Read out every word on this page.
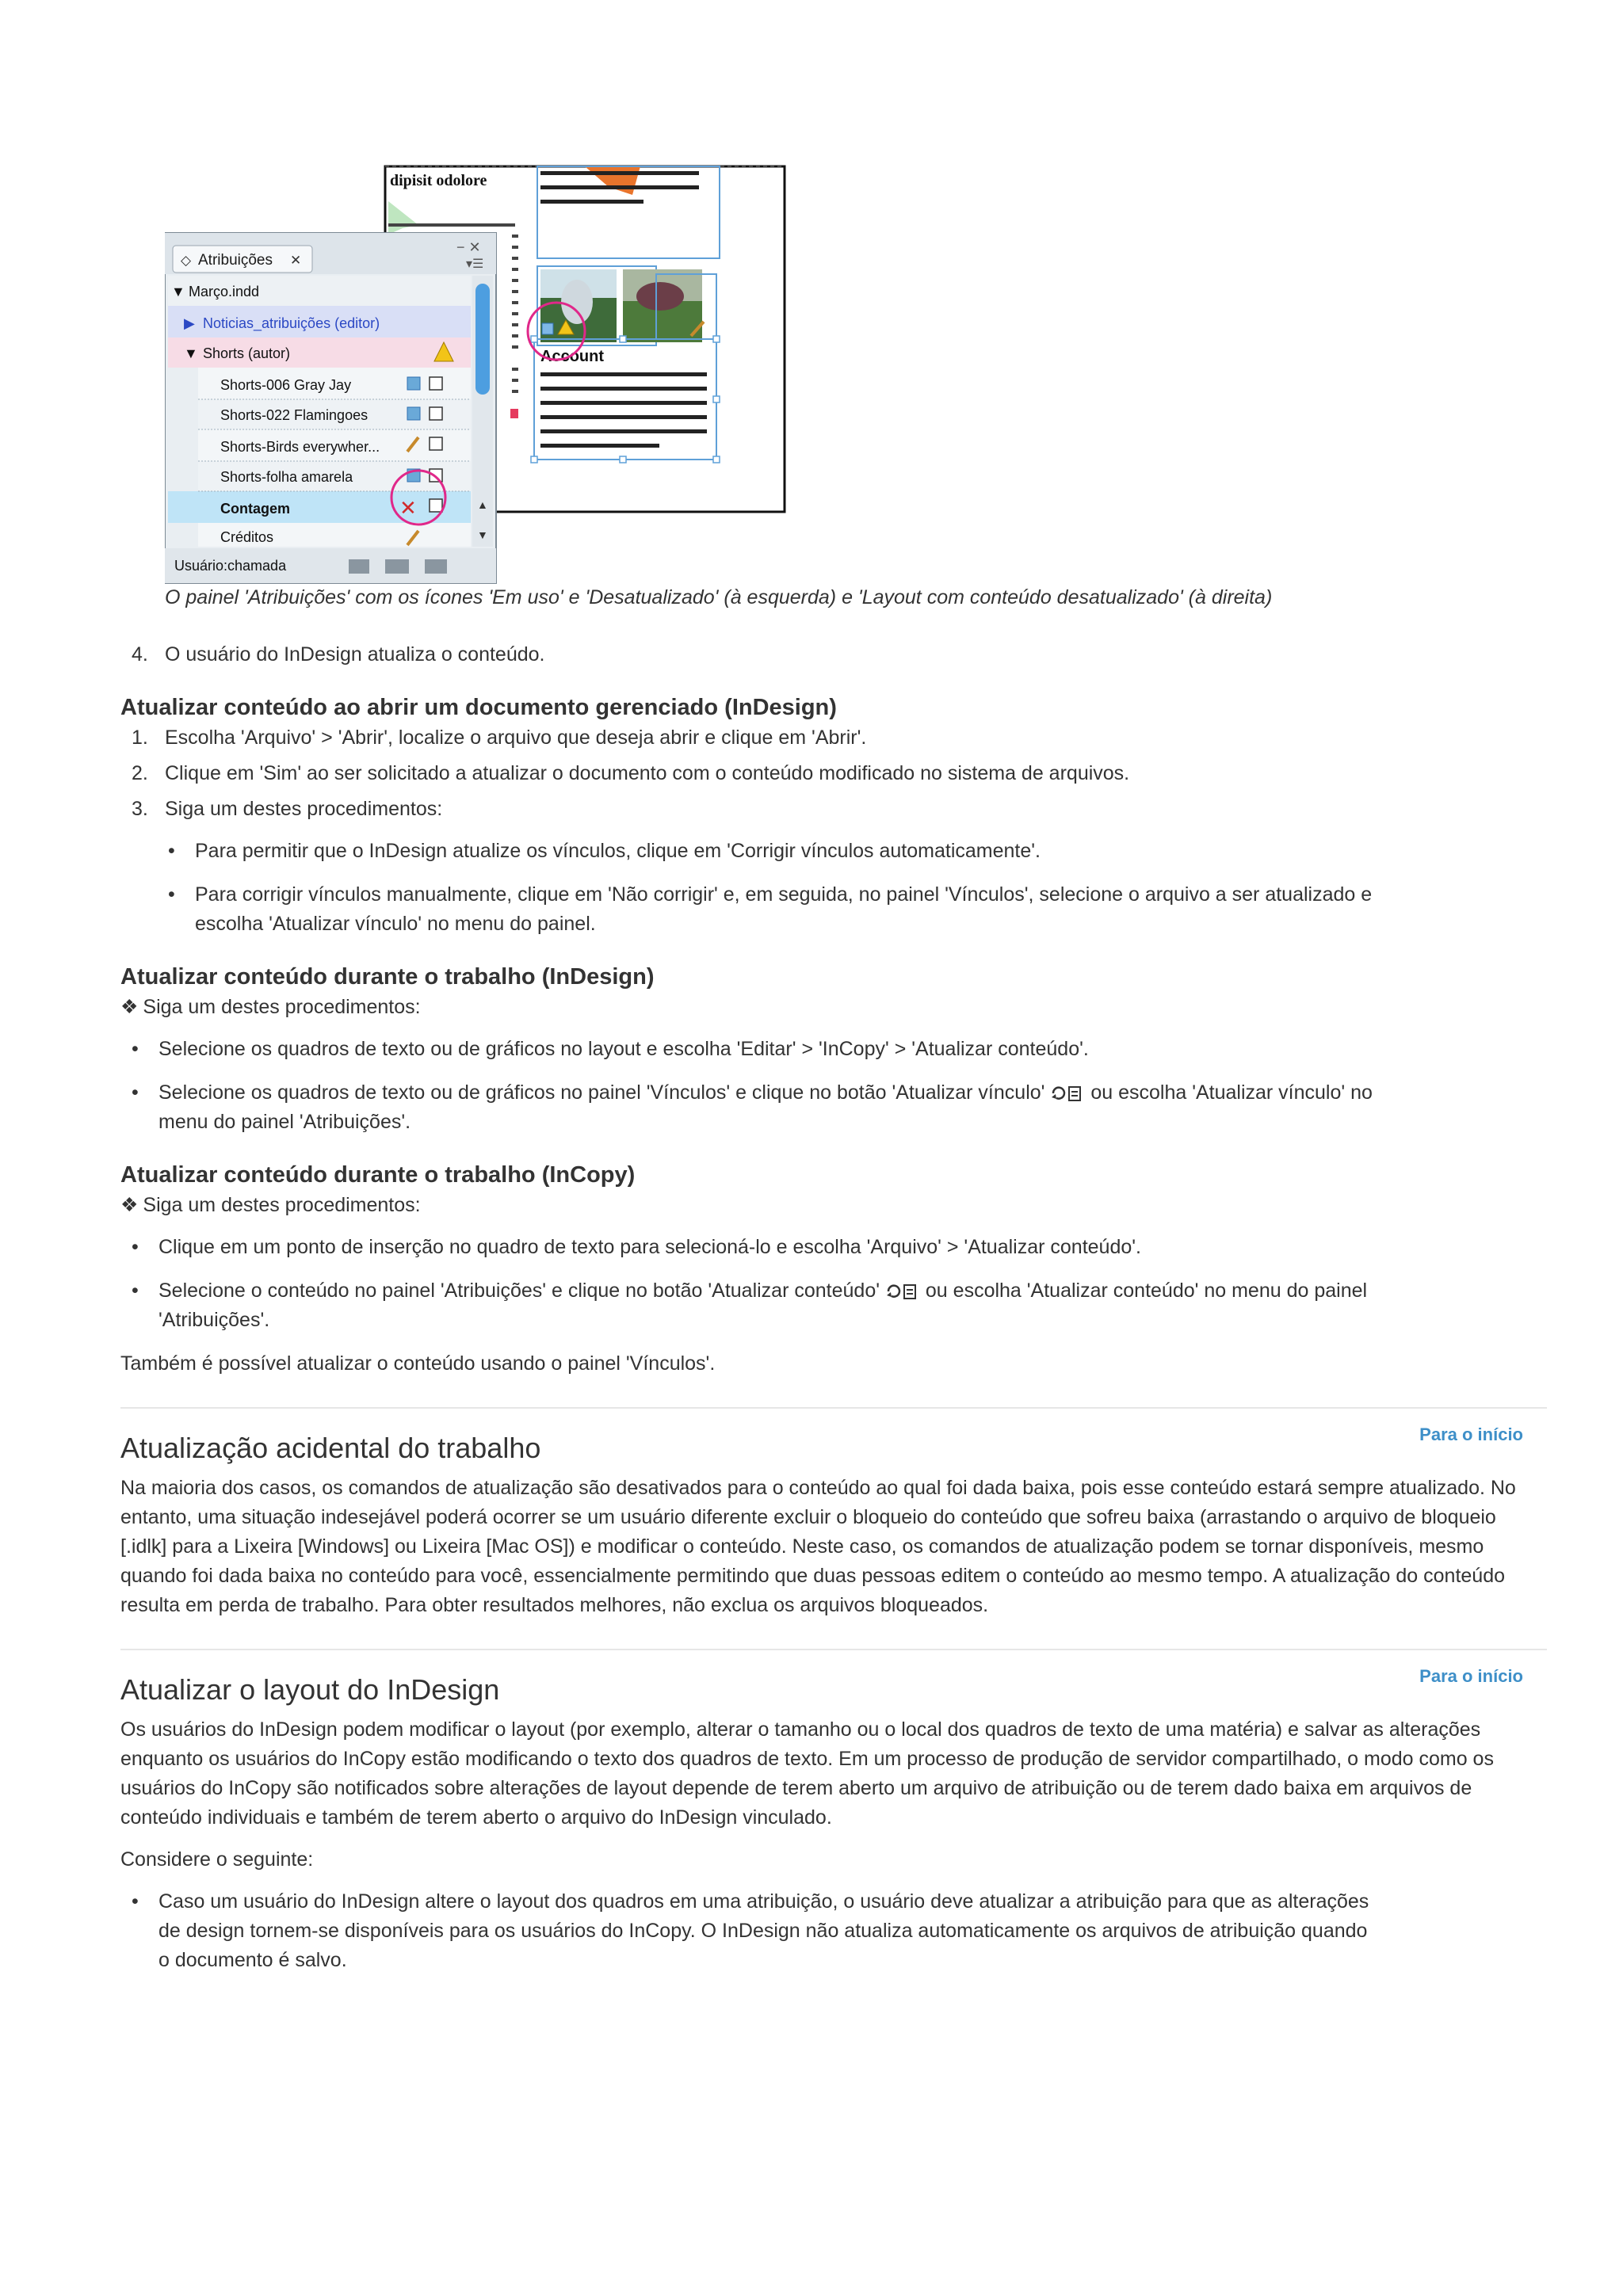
dipisit odolore
Account
◇ Atribuições ✕
− ✕
▾☰
▼ Março.indd
▶ Noticias_atribuições (editor)
▼ Shorts (autor)
Shorts-006 Gray Jay
Shorts-022 Flamingoes
Shorts-Birds everywher...
Shorts-folha amarela
Contagem
Créditos
✕	▲
▼
Usuário:chamada
O painel 'Atribuições' com os ícones 'Em uso' e 'Desatualizado' (à esquerda) e 'Layout com conteúdo desatualizado' (à direita)
4. O usuário do InDesign atualiza o conteúdo.
Atualizar conteúdo ao abrir um documento gerenciado (InDesign)
1. Escolha 'Arquivo' > 'Abrir', localize o arquivo que deseja abrir e clique em 'Abrir'.
2. Clique em 'Sim' ao ser solicitado a atualizar o documento com o conteúdo modificado no sistema de arquivos.
3. Siga um destes procedimentos:
• Para permitir que o InDesign atualize os vínculos, clique em 'Corrigir vínculos automaticamente'.
• Para corrigir vínculos manualmente, clique em 'Não corrigir' e, em seguida, no painel 'Vínculos', selecione o arquivo a ser atualizado e escolha 'Atualizar vínculo' no menu do painel.
Atualizar conteúdo durante o trabalho (InDesign)

❖ Siga um destes procedimentos:

• Selecione os quadros de texto ou de gráficos no layout e escolha 'Editar' > 'InCopy' > 'Atualizar conteúdo'.
• Selecione os quadros de texto ou de gráficos no painel 'Vínculos' e clique no botão 'Atualizar vínculo' ou escolha 'Atualizar vínculo' no menu do painel 'Atribuições'.
Atualizar conteúdo durante o trabalho (InCopy)

❖ Siga um destes procedimentos:

• Clique em um ponto de inserção no quadro de texto para selecioná-lo e escolha 'Arquivo' > 'Atualizar conteúdo'.
• Selecione o conteúdo no painel 'Atribuições' e clique no botão 'Atualizar conteúdo' ou escolha 'Atualizar conteúdo' no menu do painel 'Atribuições'.

Também é possível atualizar o conteúdo usando o painel 'Vínculos'.

Para o início
Atualização acidental do trabalho

Na maioria dos casos, os comandos de atualização são desativados para o conteúdo ao qual foi dada baixa, pois esse conteúdo estará sempre atualizado. No entanto, uma situação indesejável poderá ocorrer se um usuário diferente excluir o bloqueio do conteúdo que sofreu baixa (arrastando o arquivo de bloqueio [.idlk] para a Lixeira [Windows] ou Lixeira [Mac OS]) e modificar o conteúdo. Neste caso, os comandos de atualização podem se tornar disponíveis, mesmo quando foi dada baixa no conteúdo para você, essencialmente permitindo que duas pessoas editem o conteúdo ao mesmo tempo. A atualização do conteúdo resulta em perda de trabalho. Para obter resultados melhores, não exclua os arquivos bloqueados.

Para o início
Atualizar o layout do InDesign

Os usuários do InDesign podem modificar o layout (por exemplo, alterar o tamanho ou o local dos quadros de texto de uma matéria) e salvar as alterações enquanto os usuários do InCopy estão modificando o texto dos quadros de texto. Em um processo de produção de servidor compartilhado, o modo como os usuários do InCopy são notificados sobre alterações de layout depende de terem aberto um arquivo de atribuição ou de terem dado baixa em arquivos de conteúdo individuais e também de terem aberto o arquivo do InDesign vinculado.

Considere o seguinte:

• Caso um usuário do InDesign altere o layout dos quadros em uma atribuição, o usuário deve atualizar a atribuição para que as alterações de design tornem-se disponíveis para os usuários do InCopy. O InDesign não atualiza automaticamente os arquivos de atribuição quando o documento é salvo.
